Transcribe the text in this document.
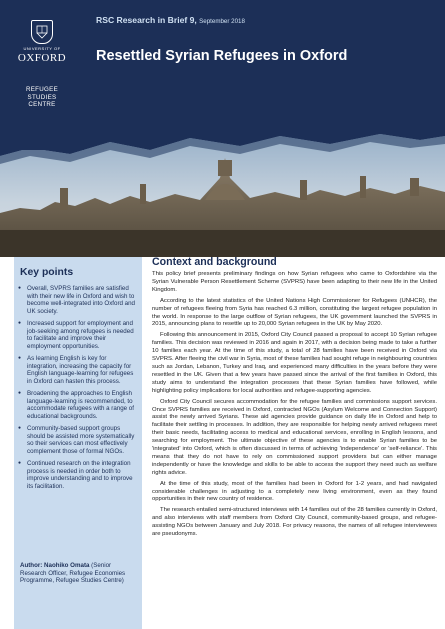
UNIVERSITY OF
OXFORD
REFUGEE
STUDIES
CENTRE
RSC Research in Brief 9, September 2018
Resettled Syrian Refugees in Oxford
Key points
● Overall, SVPRS families are satisfied with their new life in Oxford and wish to become well-integrated into Oxford and UK society.
● Increased support for employment and job-seeking among refugees is needed to facilitate and improve their employment opportunities.
● As learning English is key for integration, increasing the capacity for English language-learning for refugees in Oxford can hasten this process.
● Broadening the approaches to English language-learning is recommended, to accommodate refugees with a range of educational backgrounds.
● Community-based support groups should be assisted more systematically so their services can most effectively complement those of formal NGOs.
● Continued research on the integration process is needed in order both to improve understanding and to improve its facilitation.
Author: Naohiko Omata (Senior Research Officer, Refugee Economies Programme, Refugee Studies Centre)
Context and background

This policy brief presents preliminary findings on how Syrian refugees who came to Oxfordshire via the Syrian Vulnerable Person Resettlement Scheme (SVPRS) have been adapting to their new life in the United Kingdom.

According to the latest statistics of the United Nations High Commissioner for Refugees (UNHCR), the number of refugees fleeing from Syria has reached 6.3 million, constituting the largest refugee population in the world. In response to the large outflow of Syrian refugees, the UK government launched the SVPRS in 2015, announcing plans to resettle up to 20,000 Syrian refugees in the UK by May 2020.

Following this announcement in 2015, Oxford City Council passed a proposal to accept 10 Syrian refugee families. This decision was reviewed in 2016 and again in 2017, with a decision being made to take a further 10 families each year. At the time of this study, a total of 28 families have been received in Oxford via SVPRS. After fleeing the civil war in Syria, most of these families had sought refuge in neighbouring countries such as Jordan, Lebanon, Turkey and Iraq, and experienced many difficulties in the years before they were resettled in the UK. Given that a few years have passed since the arrival of the first families in Oxford, this study aims to understand the integration processes that these Syrian families have followed, while highlighting policy implications for local authorities and refugee-supporting agencies.

Oxford City Council secures accommodation for the refugee families and commissions support services. Once SVPRS families are received in Oxford, contracted NGOs (Asylum Welcome and Connection Support) assist the newly arrived Syrians. These aid agencies provide guidance on daily life in Oxford and help to facilitate their settling in processes. In addition, they are responsible for helping newly arrived refugees meet their basic needs, facilitating access to medical and educational services, enrolling in English lessons, and searching for employment. The ultimate objective of these agencies is to enable Syrian families to be 'integrated' into Oxford, which is often discussed in terms of achieving 'independence' or 'self-reliance'. This means that they do not have to rely on commissioned support providers but can either manage independently or have the knowledge and skills to be able to access the support they need such as welfare rights advice.

At the time of this study, most of the families had been in Oxford for 1-2 years, and had navigated considerable challenges in adjusting to a completely new living environment, even as they found opportunities in their new country of residence.

The research entailed semi-structured interviews with 14 families out of the 28 families currently in Oxford, and also interviews with staff members from Oxford City Council, community-based groups, and refugee-assisting NGOs between January and July 2018. For privacy reasons, the names of all refugee interviewees are pseudonyms.
